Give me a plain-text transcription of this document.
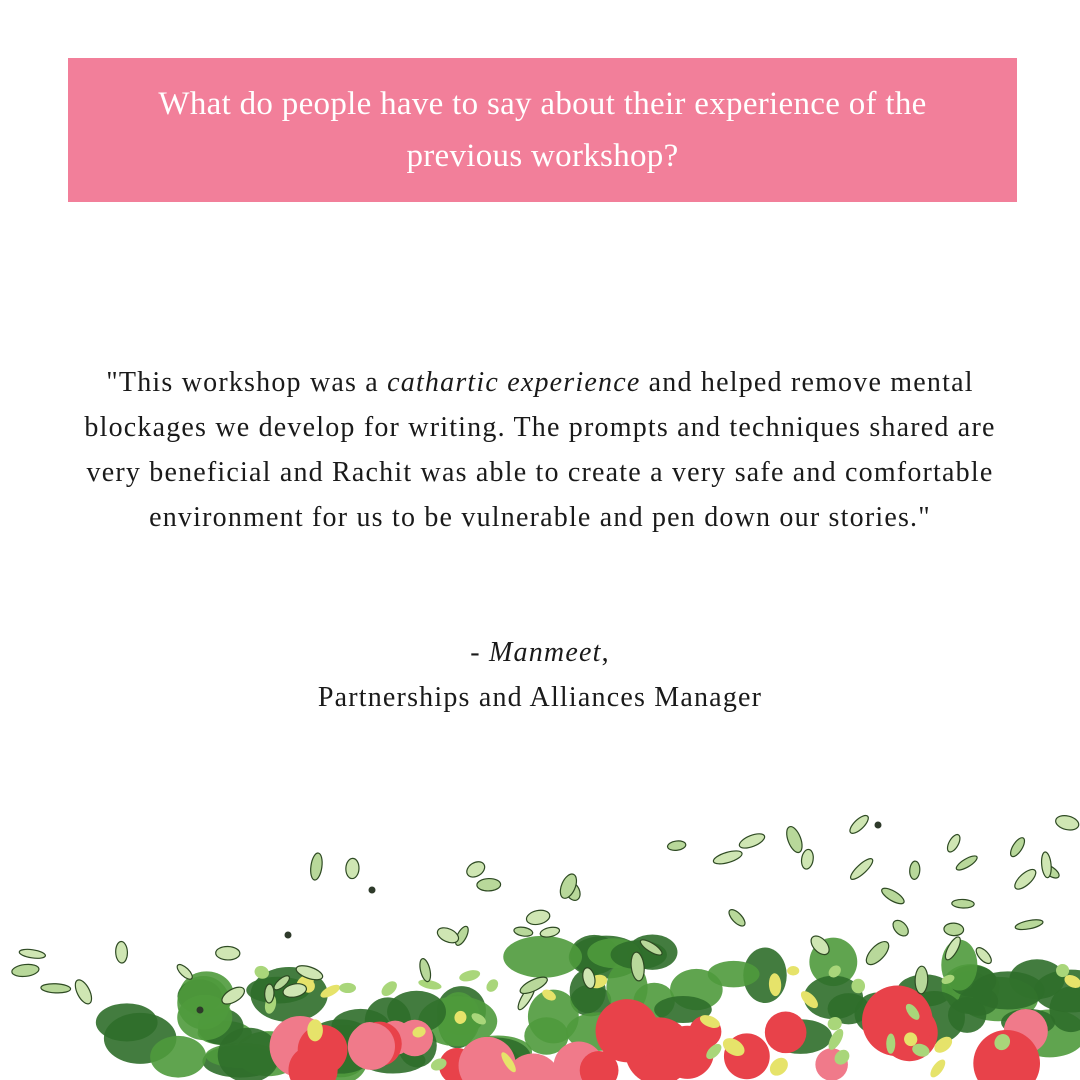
What do people have to say about their experience of the previous workshop?
"This workshop was a cathartic experience and helped remove mental blockages we develop for writing. The prompts and techniques shared are very beneficial and Rachit was able to create a very safe and comfortable environment for us to be vulnerable and pen down our stories."
- Manmeet,
Partnerships and Alliances Manager
